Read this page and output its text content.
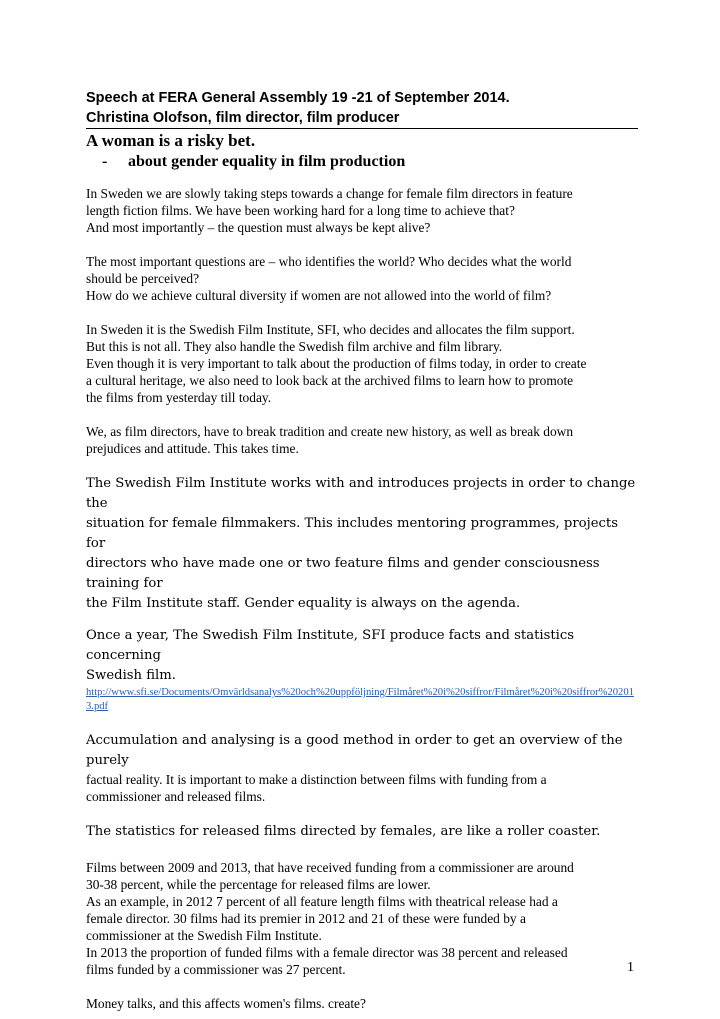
Speech at FERA General Assembly 19 -21 of September 2014.
Christina Olofson, film director, film producer
A woman is a risky bet.
- about gender equality in film production
In Sweden we are slowly taking steps towards a change for female film directors in feature
length fiction films. We have been working hard for a long time to achieve that?
And most importantly – the question must always be kept alive?
The most important questions are – who identifies the world? Who decides what the world
should be perceived?
How do we achieve cultural diversity if women are not allowed into the world of film?
In Sweden it is the Swedish Film Institute, SFI, who decides and allocates the film support.
But this is not all. They also handle the Swedish film archive and film library.
Even though it is very important to talk about the production of films today, in order to create
a cultural heritage, we also need to look back at the archived films to learn how to promote
the films from yesterday till today.
We, as film directors, have to break tradition and create new history, as well as break down
prejudices and attitude. This takes time.
The Swedish Film Institute works with and introduces projects in order to change the
situation for female filmmakers. This includes mentoring programmes, projects for
directors who have made one or two feature films and gender consciousness training for
the Film Institute staff. Gender equality is always on the agenda.
Once a year, The Swedish Film Institute, SFI produce facts and statistics concerning
Swedish film.
http://www.sfi.se/Documents/Omvärldsanalys%20och%20uppföljning/Filmåret%20i%20siffror/Filmåret%20i%20siffror%202013.pdf
Accumulation and analysing is a good method in order to get an overview of the purely
factual reality. It is important to make a distinction between films with funding from a
commissioner and released films.
The statistics for released films directed by females, are like a roller coaster.
Films between 2009 and 2013, that have received funding from a commissioner are around
30-38 percent, while the percentage for released films are lower.
As an example, in 2012 7 percent of all feature length films with theatrical release had a
female director. 30 films had its premier in 2012 and 21 of these were funded by a
commissioner at the Swedish Film Institute.
In 2013 the proportion of funded films with a female director was 38 percent and released
films funded by a commissioner was 27 percent.
Money talks, and this affects women's films. create?
1
